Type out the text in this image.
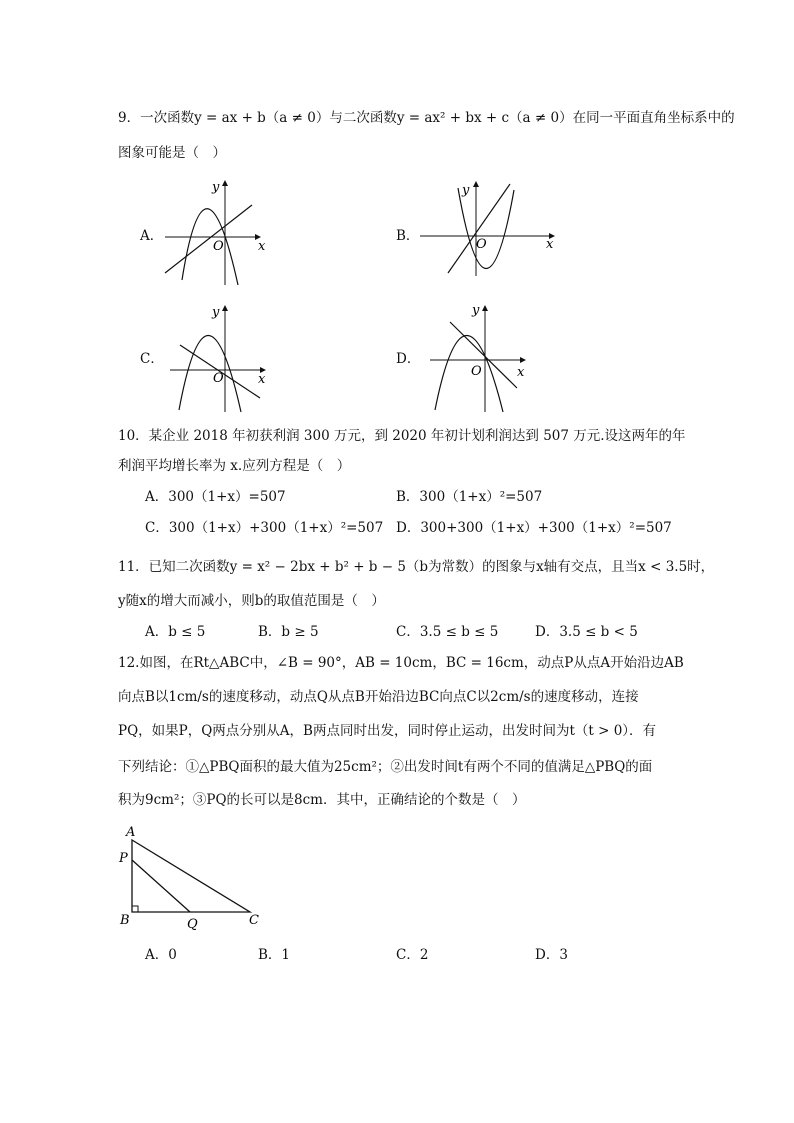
9．一次函数y = ax + b（a ≠ 0）与二次函数y = ax² + bx + c（a ≠ 0）在同一平面直角坐标系中的
图象可能是（　）
A．
y
x
O
B．
y
x
O
C．
y
x
O
D．
y
x
O
10．某企业 2018 年初获利润 300 万元，到 2020 年初计划利润达到 507 万元.设这两年的年
利润平均增长率为 x.应列方程是（　）
A．300（1+x）=507	B．300（1+x）²=507
C．300（1+x）+300（1+x）²=507 D．300+300（1+x）+300（1+x）²=507
11．已知二次函数y = x² − 2bx + b² + b − 5（b为常数）的图象与x轴有交点，且当x < 3.5时，
y随x的增大而减小，则b的取值范围是（　）
A．b ≤ 5	B．b ≥ 5	C．3.5 ≤ b ≤ 5	D．3.5 ≤ b < 5
12.如图，在Rt△ABC中，∠B = 90°，AB = 10cm，BC = 16cm，动点P从点A开始沿边AB
向点B以1cm/s的速度移动，动点Q从点B开始沿边BC向点C以2cm/s的速度移动，连接
PQ，如果P，Q两点分别从A，B两点同时出发，同时停止运动，出发时间为t（t > 0）．有
下列结论：①△PBQ面积的最大值为25cm²；②出发时间t有两个不同的值满足△PBQ的面
积为9cm²；③PQ的长可以是8cm．其中，正确结论的个数是（　）
A
P
B	Q	C
A．0	B．1	C．2	D．3
